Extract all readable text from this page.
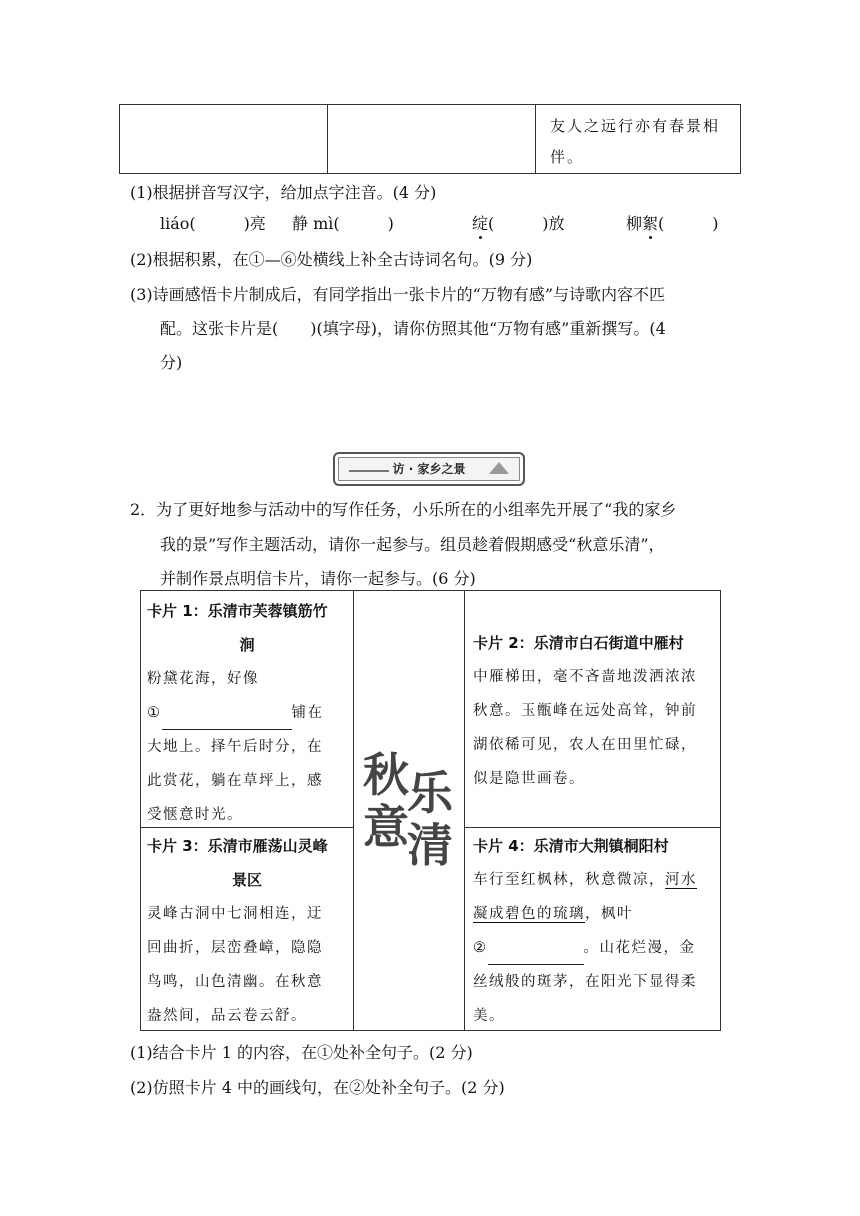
		友人之远行亦有春景相伴。
(1)根据拼音写汉字，给加点字注音。(4 分)
liáo(　　　)亮 静 mì(　　　)	绽(　　　)放	柳絮(　　　)
(2)根据积累，在①—⑥处横线上补全古诗词名句。(9 分)
(3)诗画感悟卡片制成后，有同学指出一张卡片的“万物有感”与诗歌内容不匹
配。这张卡片是(　　)(填字母)，请你仿照其他“万物有感”重新撰写。(4
分)
访 · 家乡之景
2．为了更好地参与活动中的写作任务，小乐所在的小组率先开展了“我的家乡
我的景”写作主题活动，请你一起参与。组员趁着假期感受“秋意乐清”，
并制作景点明信卡片，请你一起参与。(6 分)
卡片 1：乐清市芙蓉镇筋竹
涧
粉黛花海，好像
①	铺在
大地上。择午后时分，在
此赏花，躺在草坪上，感
受惬意时光。
秋
意
乐
清
卡片 2：乐清市白石街道中雁村
中雁梯田，毫不吝啬地泼洒浓浓
秋意。玉甑峰在远处高耸，钟前
湖依稀可见，农人在田里忙碌，
似是隐世画卷。
卡片 3：乐清市雁荡山灵峰
景区
灵峰古洞中七洞相连，迂
回曲折，层峦叠嶂，隐隐
鸟鸣，山色清幽。在秋意
盎然间，品云卷云舒。
卡片 4：乐清市大荆镇桐阳村
车行至红枫林，秋意微凉，河水
凝成碧色的琉璃，枫叶
②	。山花烂漫，金
丝绒般的斑茅，在阳光下显得柔
美。
(1)结合卡片 1 的内容，在①处补全句子。(2 分)
(2)仿照卡片 4 中的画线句，在②处补全句子。(2 分)
